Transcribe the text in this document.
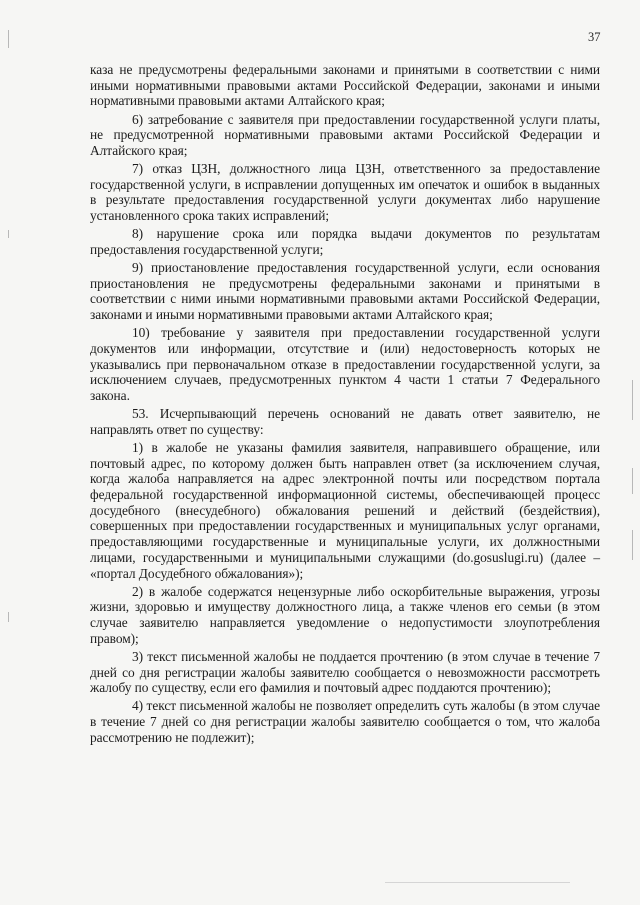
37

каза не предусмотрены федеральными законами и принятыми в соответствии с ними иными нормативными правовыми актами Российской Федерации, законами и иными нормативными правовыми актами Алтайского края;

6) затребование с заявителя при предоставлении государственной услуги платы, не предусмотренной нормативными правовыми актами Российской Федерации и Алтайского края;

7) отказ ЦЗН, должностного лица ЦЗН, ответственного за предоставление государственной услуги, в исправлении допущенных им опечаток и ошибок в выданных в результате предоставления государственной услуги документах либо нарушение установленного срока таких исправлений;

8) нарушение срока или порядка выдачи документов по результатам предоставления государственной услуги;

9) приостановление предоставления государственной услуги, если основания приостановления не предусмотрены федеральными законами и принятыми в соответствии с ними иными нормативными правовыми актами Российской Федерации, законами и иными нормативными правовыми актами Алтайского края;

10) требование у заявителя при предоставлении государственной услуги документов или информации, отсутствие и (или) недостоверность которых не указывались при первоначальном отказе в предоставлении государственной услуги, за исключением случаев, предусмотренных пунктом 4 части 1 статьи 7 Федерального закона.

53. Исчерпывающий перечень оснований не давать ответ заявителю, не направлять ответ по существу:

1) в жалобе не указаны фамилия заявителя, направившего обращение, или почтовый адрес, по которому должен быть направлен ответ (за исключением случая, когда жалоба направляется на адрес электронной почты или посредством портала федеральной государственной информационной системы, обеспечивающей процесс досудебного (внесудебного) обжалования решений и действий (бездействия), совершенных при предоставлении государственных и муниципальных услуг органами, предоставляющими государственные и муниципальные услуги, их должностными лицами, государственными и муниципальными служащими (do.gosuslugi.ru) (далее – «портал Досудебного обжалования»);

2) в жалобе содержатся нецензурные либо оскорбительные выражения, угрозы жизни, здоровью и имуществу должностного лица, а также членов его семьи (в этом случае заявителю направляется уведомление о недопустимости злоупотребления правом);

3) текст письменной жалобы не поддается прочтению (в этом случае в течение 7 дней со дня регистрации жалобы заявителю сообщается о невозможности рассмотреть жалобу по существу, если его фамилия и почтовый адрес поддаются прочтению);

4) текст письменной жалобы не позволяет определить суть жалобы (в этом случае в течение 7 дней со дня регистрации жалобы заявителю сообщается о том, что жалоба рассмотрению не подлежит);
